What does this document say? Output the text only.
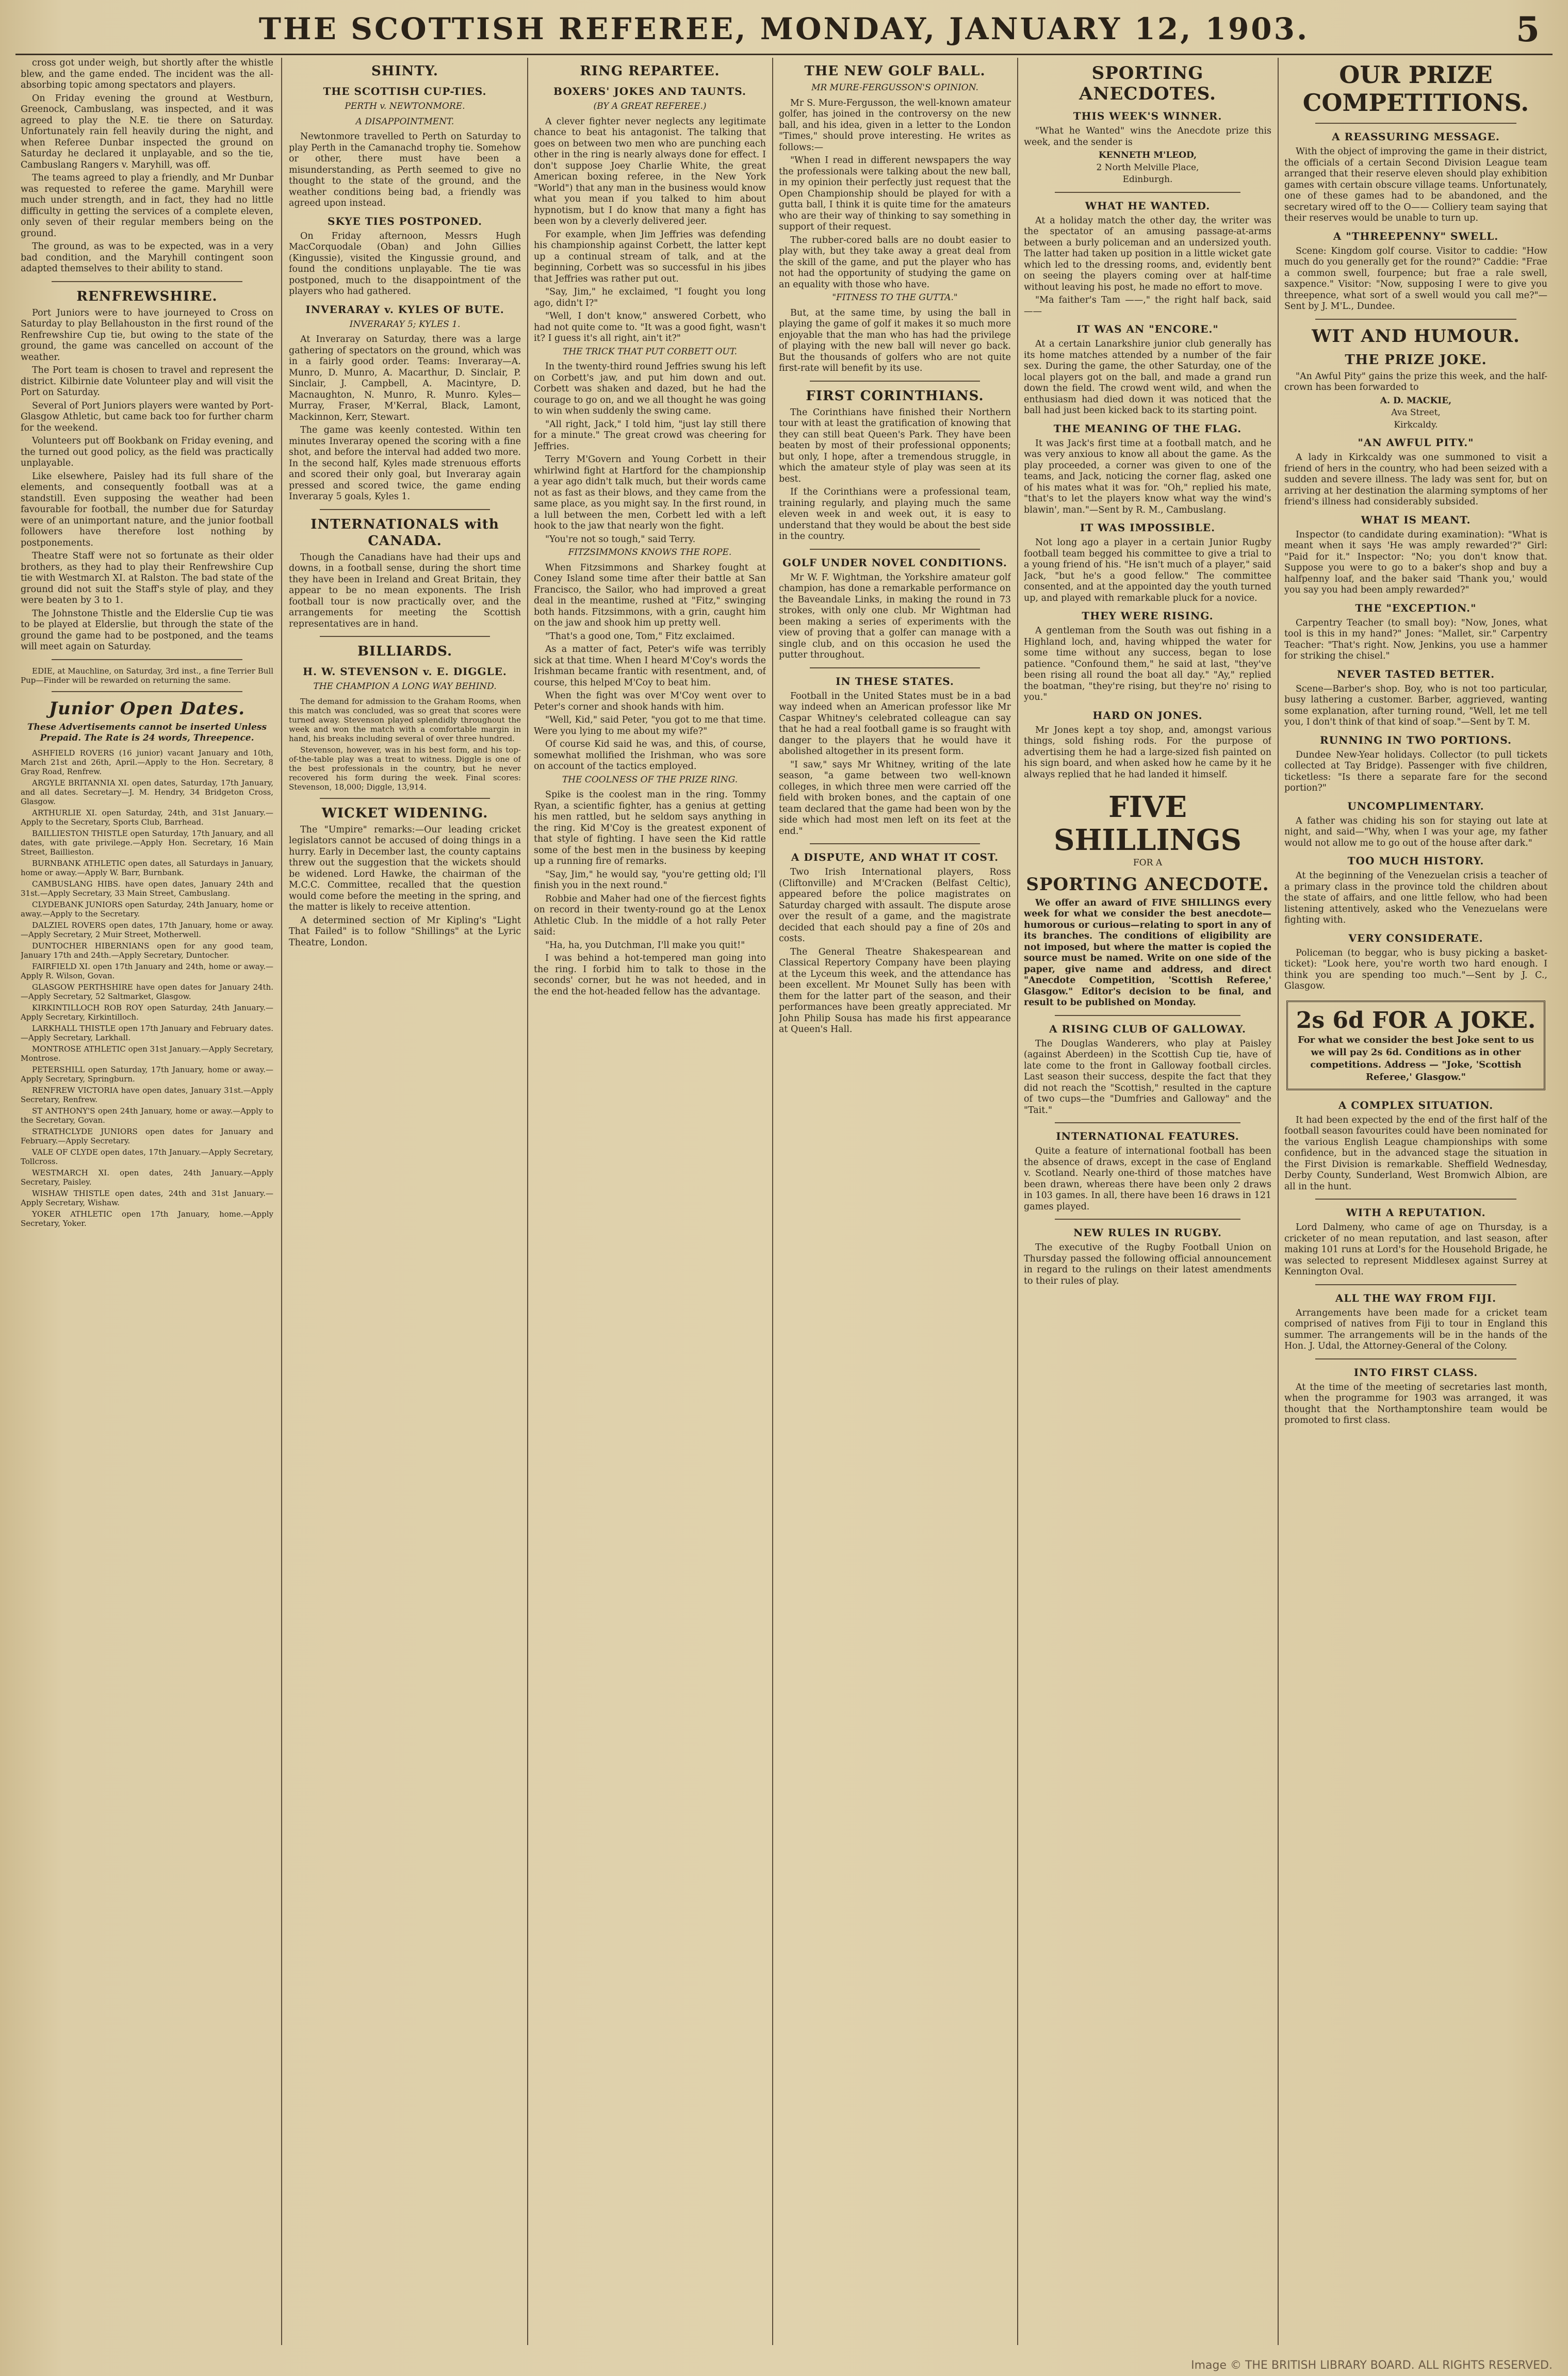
THE SCOTTISH REFEREE, MONDAY, JANUARY 12, 1903.	5

cross got under weigh, but shortly after the whistle blew, and the game ended. The incident was the all-absorbing topic among spectators and players.

On Friday evening the ground at Westburn, Greenock, Cambuslang, was inspected, and it was agreed to play the N.E. tie there on Saturday. Unfortunately rain fell heavily during the night, and when Referee Dunbar inspected the ground on Saturday he declared it unplayable, and so the tie, Cambuslang Rangers v. Maryhill, was off.

The teams agreed to play a friendly, and Mr Dunbar was requested to referee the game. Maryhill were much under strength, and in fact, they had no little difficulty in getting the services of a complete eleven, only seven of their regular members being on the ground.

The ground, as was to be expected, was in a very bad condition, and the Maryhill contingent soon adapted themselves to their ability to stand.

RENFREWSHIRE.

Port Juniors were to have journeyed to Cross on Saturday to play Bellahouston in the first round of the Renfrewshire Cup tie, but owing to the state of the ground, the game was cancelled on account of the weather.

The Port team is chosen to travel and represent the district. Kilbirnie date Volunteer play and will visit the Port on Saturday.

Several of Port Juniors players were wanted by Port-Glasgow Athletic, but came back too for further charm for the weekend.

Volunteers put off Bookbank on Friday evening, and the turned out good policy, as the field was practically unplayable.

Like elsewhere, Paisley had its full share of the elements, and consequently football was at a standstill. Even supposing the weather had been favourable for football, the number due for Saturday were of an unimportant nature, and the junior football followers have therefore lost nothing by postponements.

Theatre Staff were not so fortunate as their older brothers, as they had to play their Renfrewshire Cup tie with Westmarch XI. at Ralston. The bad state of the ground did not suit the Staff's style of play, and they were beaten by 3 to 1.

The Johnstone Thistle and the Elderslie Cup tie was to be played at Elderslie, but through the state of the ground the game had to be postponed, and the teams will meet again on Saturday.

EDIE, at Mauchline, on Saturday, 3rd inst., a fine Terrier Bull Pup—Finder will be rewarded on returning the same.

Junior Open Dates.
These Advertisements cannot be inserted Unless Prepaid. The Rate is 24 words, Threepence.

ASHFIELD ROVERS (16 junior) vacant January and 10th, March 21st and 26th, April.—Apply to the Hon. Secretary, 8 Gray Road, Renfrew.

ARGYLE BRITANNIA XI. open dates, Saturday, 17th January, and all dates. Secretary—J. M. Hendry, 34 Bridgeton Cross, Glasgow.

ARTHURLIE XI. open Saturday, 24th, and 31st January.—Apply to the Secretary, Sports Club, Barrhead.

BAILLIESTON THISTLE open Saturday, 17th January, and all dates, with gate privilege.—Apply Hon. Secretary, 16 Main Street, Baillieston.

BURNBANK ATHLETIC open dates, all Saturdays in January, home or away.—Apply W. Barr, Burnbank.

CAMBUSLANG HIBS. have open dates, January 24th and 31st.—Apply Secretary, 33 Main Street, Cambuslang.

CLYDEBANK JUNIORS open Saturday, 24th January, home or away.—Apply to the Secretary.

DALZIEL ROVERS open dates, 17th January, home or away.—Apply Secretary, 2 Muir Street, Motherwell.

DUNTOCHER HIBERNIANS open for any good team, January 17th and 24th.—Apply Secretary, Duntocher.

FAIRFIELD XI. open 17th January and 24th, home or away.—Apply R. Wilson, Govan.

GLASGOW PERTHSHIRE have open dates for January 24th.—Apply Secretary, 52 Saltmarket, Glasgow.

KIRKINTILLOCH ROB ROY open Saturday, 24th January.—Apply Secretary, Kirkintilloch.

LARKHALL THISTLE open 17th January and February dates.—Apply Secretary, Larkhall.

MONTROSE ATHLETIC open 31st January.—Apply Secretary, Montrose.

PETERSHILL open Saturday, 17th January, home or away.—Apply Secretary, Springburn.

RENFREW VICTORIA have open dates, January 31st.—Apply Secretary, Renfrew.

ST ANTHONY'S open 24th January, home or away.—Apply to the Secretary, Govan.

STRATHCLYDE JUNIORS open dates for January and February.—Apply Secretary.

VALE OF CLYDE open dates, 17th January.—Apply Secretary, Tollcross.

WESTMARCH XI. open dates, 24th January.—Apply Secretary, Paisley.

WISHAW THISTLE open dates, 24th and 31st January.—Apply Secretary, Wishaw.

YOKER ATHLETIC open 17th January, home.—Apply Secretary, Yoker.

SHINTY.
THE SCOTTISH CUP-TIES.
PERTH v. NEWTONMORE.
A DISAPPOINTMENT.

Newtonmore travelled to Perth on Saturday to play Perth in the Camanachd trophy tie. Somehow or other, there must have been a misunderstanding, as Perth seemed to give no thought to the state of the ground, and the weather conditions being bad, a friendly was agreed upon instead.

SKYE TIES POSTPONED.

On Friday afternoon, Messrs Hugh MacCorquodale (Oban) and John Gillies (Kingussie), visited the Kingussie ground, and found the conditions unplayable. The tie was postponed, much to the disappointment of the players who had gathered.

INVERARAY v. KYLES OF BUTE.
INVERARAY 5; KYLES 1.

At Inveraray on Saturday, there was a large gathering of spectators on the ground, which was in a fairly good order. Teams: Inveraray—A. Munro, D. Munro, A. Macarthur, D. Sinclair, P. Sinclair, J. Campbell, A. Macintyre, D. Macnaughton, N. Munro, R. Munro. Kyles—Murray, Fraser, M'Kerral, Black, Lamont, Mackinnon, Kerr, Stewart.

The game was keenly contested. Within ten minutes Inveraray opened the scoring with a fine shot, and before the interval had added two more. In the second half, Kyles made strenuous efforts and scored their only goal, but Inveraray again pressed and scored twice, the game ending Inveraray 5 goals, Kyles 1.

INTERNATIONALS with CANADA.

Though the Canadians have had their ups and downs, in a football sense, during the short time they have been in Ireland and Great Britain, they appear to be no mean exponents. The Irish football tour is now practically over, and the arrangements for meeting the Scottish representatives are in hand.

BILLIARDS.
H. W. STEVENSON v. E. DIGGLE.
THE CHAMPION A LONG WAY BEHIND.

The demand for admission to the Graham Rooms, when this match was concluded, was so great that scores were turned away. Stevenson played splendidly throughout the week and won the match with a comfortable margin in hand, his breaks including several of over three hundred.

Stevenson, however, was in his best form, and his top-of-the-table play was a treat to witness. Diggle is one of the best professionals in the country, but he never recovered his form during the week. Final scores: Stevenson, 18,000; Diggle, 13,914.

WICKET WIDENING.

The "Umpire" remarks:—Our leading cricket legislators cannot be accused of doing things in a hurry. Early in December last, the county captains threw out the suggestion that the wickets should be widened. Lord Hawke, the chairman of the M.C.C. Committee, recalled that the question would come before the meeting in the spring, and the matter is likely to receive attention.

A determined section of Mr Kipling's "Light That Failed" is to follow "Shillings" at the Lyric Theatre, London.

RING REPARTEE.
BOXERS' JOKES AND TAUNTS.
(BY A GREAT REFEREE.)

A clever fighter never neglects any legitimate chance to beat his antagonist. The talking that goes on between two men who are punching each other in the ring is nearly always done for effect. I don't suppose Joey Charlie White, the great American boxing referee, in the New York "World") that any man in the business would know what you mean if you talked to him about hypnotism, but I do know that many a fight has been won by a cleverly delivered jeer.

For example, when Jim Jeffries was defending his championship against Corbett, the latter kept up a continual stream of talk, and at the beginning, Corbett was so successful in his jibes that Jeffries was rather put out.

"Say, Jim," he exclaimed, "I fought you long ago, didn't I?"

"Well, I don't know," answered Corbett, who had not quite come to. "It was a good fight, wasn't it? I guess it's all right, ain't it?"

THE TRICK THAT PUT CORBETT OUT.

In the twenty-third round Jeffries swung his left on Corbett's jaw, and put him down and out. Corbett was shaken and dazed, but he had the courage to go on, and we all thought he was going to win when suddenly the swing came.

"All right, Jack," I told him, "just lay still there for a minute." The great crowd was cheering for Jeffries.

Terry M'Govern and Young Corbett in their whirlwind fight at Hartford for the championship a year ago didn't talk much, but their words came not as fast as their blows, and they came from the same place, as you might say. In the first round, in a lull between the men, Corbett led with a left hook to the jaw that nearly won the fight.

"You're not so tough," said Terry.

FITZSIMMONS KNOWS THE ROPE.

When Fitzsimmons and Sharkey fought at Coney Island some time after their battle at San Francisco, the Sailor, who had improved a great deal in the meantime, rushed at "Fitz," swinging both hands. Fitzsimmons, with a grin, caught him on the jaw and shook him up pretty well.

"That's a good one, Tom," Fitz exclaimed.

As a matter of fact, Peter's wife was terribly sick at that time. When I heard M'Coy's words the Irishman became frantic with resentment, and, of course, this helped M'Coy to beat him.

When the fight was over M'Coy went over to Peter's corner and shook hands with him.

"Well, Kid," said Peter, "you got to me that time. Were you lying to me about my wife?"

Of course Kid said he was, and this, of course, somewhat mollified the Irishman, who was sore on account of the tactics employed.

THE COOLNESS OF THE PRIZE RING.

Spike is the coolest man in the ring. Tommy Ryan, a scientific fighter, has a genius at getting his men rattled, but he seldom says anything in the ring. Kid M'Coy is the greatest exponent of that style of fighting. I have seen the Kid rattle some of the best men in the business by keeping up a running fire of remarks.

"Say, Jim," he would say, "you're getting old; I'll finish you in the next round."

Robbie and Maher had one of the fiercest fights on record in their twenty-round go at the Lenox Athletic Club. In the middle of a hot rally Peter said:

"Ha, ha, you Dutchman, I'll make you quit!"

I was behind a hot-tempered man going into the ring. I forbid him to talk to those in the seconds' corner, but he was not heeded, and in the end the hot-headed fellow has the advantage.

THE NEW GOLF BALL.
MR MURE-FERGUSSON'S OPINION.

Mr S. Mure-Fergusson, the well-known amateur golfer, has joined in the controversy on the new ball, and his idea, given in a letter to the London "Times," should prove interesting. He writes as follows:—

"When I read in different newspapers the way the professionals were talking about the new ball, in my opinion their perfectly just request that the Open Championship should be played for with a gutta ball, I think it is quite time for the amateurs who are their way of thinking to say something in support of their request.

The rubber-cored balls are no doubt easier to play with, but they take away a great deal from the skill of the game, and put the player who has not had the opportunity of studying the game on an equality with those who have.

"FITNESS TO THE GUTTA."

But, at the same time, by using the ball in playing the game of golf it makes it so much more enjoyable that the man who has had the privilege of playing with the new ball will never go back. But the thousands of golfers who are not quite first-rate will benefit by its use.

FIRST CORINTHIANS.

The Corinthians have finished their Northern tour with at least the gratification of knowing that they can still beat Queen's Park. They have been beaten by most of their professional opponents; but only, I hope, after a tremendous struggle, in which the amateur style of play was seen at its best.

If the Corinthians were a professional team, training regularly, and playing much the same eleven week in and week out, it is easy to understand that they would be about the best side in the country.

GOLF UNDER NOVEL CONDITIONS.

Mr W. F. Wightman, the Yorkshire amateur golf champion, has done a remarkable performance on the Baveandale Links, in making the round in 73 strokes, with only one club. Mr Wightman had been making a series of experiments with the view of proving that a golfer can manage with a single club, and on this occasion he used the putter throughout.

IN THESE STATES.

Football in the United States must be in a bad way indeed when an American professor like Mr Caspar Whitney's celebrated colleague can say that he had a real football game is so fraught with danger to the players that he would have it abolished altogether in its present form.

"I saw," says Mr Whitney, writing of the late season, "a game between two well-known colleges, in which three men were carried off the field with broken bones, and the captain of one team declared that the game had been won by the side which had most men left on its feet at the end."

A DISPUTE, AND WHAT IT COST.

Two Irish International players, Ross (Cliftonville) and M'Cracken (Belfast Celtic), appeared before the police magistrates on Saturday charged with assault. The dispute arose over the result of a game, and the magistrate decided that each should pay a fine of 20s and costs.

The General Theatre Shakespearean and Classical Repertory Company have been playing at the Lyceum this week, and the attendance has been excellent. Mr Mounet Sully has been with them for the latter part of the season, and their performances have been greatly appreciated. Mr John Philip Sousa has made his first appearance at Queen's Hall.

SPORTING ANECDOTES.
THIS WEEK'S WINNER.

"What he Wanted" wins the Anecdote prize this week, and the sender is

KENNETH M'LEOD,
2 North Melville Place,
Edinburgh.
WHAT HE WANTED.

At a holiday match the other day, the writer was the spectator of an amusing passage-at-arms between a burly policeman and an undersized youth. The latter had taken up position in a little wicket gate which led to the dressing rooms, and, evidently bent on seeing the players coming over at half-time without leaving his post, he made no effort to move.

"Ma faither's Tam ——," the right half back, said ——

IT WAS AN "ENCORE."

At a certain Lanarkshire junior club generally has its home matches attended by a number of the fair sex. During the game, the other Saturday, one of the local players got on the ball, and made a grand run down the field. The crowd went wild, and when the enthusiasm had died down it was noticed that the ball had just been kicked back to its starting point.

THE MEANING OF THE FLAG.

It was Jack's first time at a football match, and he was very anxious to know all about the game. As the play proceeded, a corner was given to one of the teams, and Jack, noticing the corner flag, asked one of his mates what it was for. "Oh," replied his mate, "that's to let the players know what way the wind's blawin', man."—Sent by R. M., Cambuslang.

IT WAS IMPOSSIBLE.

Not long ago a player in a certain Junior Rugby football team begged his committee to give a trial to a young friend of his. "He isn't much of a player," said Jack, "but he's a good fellow." The committee consented, and at the appointed day the youth turned up, and played with remarkable pluck for a novice.

THEY WERE RISING.

A gentleman from the South was out fishing in a Highland loch, and, having whipped the water for some time without any success, began to lose patience. "Confound them," he said at last, "they've been rising all round the boat all day." "Ay," replied the boatman, "they're rising, but they're no' rising to you."

HARD ON JONES.

Mr Jones kept a toy shop, and, amongst various things, sold fishing rods. For the purpose of advertising them he had a large-sized fish painted on his sign board, and when asked how he came by it he always replied that he had landed it himself.

FIVE SHILLINGS
FOR A
SPORTING ANECDOTE.

We offer an award of FIVE SHILLINGS every week for what we consider the best anecdote—humorous or curious—relating to sport in any of its branches. The conditions of eligibility are not imposed, but where the matter is copied the source must be named. Write on one side of the paper, give name and address, and direct "Anecdote Competition, 'Scottish Referee,' Glasgow." Editor's decision to be final, and result to be published on Monday.

A RISING CLUB OF GALLOWAY.

The Douglas Wanderers, who play at Paisley (against Aberdeen) in the Scottish Cup tie, have of late come to the front in Galloway football circles. Last season their success, despite the fact that they did not reach the "Scottish," resulted in the capture of two cups—the "Dumfries and Galloway" and the "Tait."

INTERNATIONAL FEATURES.

Quite a feature of international football has been the absence of draws, except in the case of England v. Scotland. Nearly one-third of those matches have been drawn, whereas there have been only 2 draws in 103 games. In all, there have been 16 draws in 121 games played.

NEW RULES IN RUGBY.

The executive of the Rugby Football Union on Thursday passed the following official announcement in regard to the rulings on their latest amendments to their rules of play.

OUR PRIZE COMPETITIONS.
A REASSURING MESSAGE.

With the object of improving the game in their district, the officials of a certain Second Division League team arranged that their reserve eleven should play exhibition games with certain obscure village teams. Unfortunately, one of these games had to be abandoned, and the secretary wired off to the O—— Colliery team saying that their reserves would be unable to turn up.

A "THREEPENNY" SWELL.

Scene: Kingdom golf course. Visitor to caddie: "How much do you generally get for the round?" Caddie: "Frae a common swell, fourpence; but frae a rale swell, saxpence." Visitor: "Now, supposing I were to give you threepence, what sort of a swell would you call me?"—Sent by J. M'L., Dundee.

WIT AND HUMOUR.
THE PRIZE JOKE.

"An Awful Pity" gains the prize this week, and the half-crown has been forwarded to

A. D. MACKIE,
Ava Street,
Kirkcaldy.
"AN AWFUL PITY."

A lady in Kirkcaldy was one summoned to visit a friend of hers in the country, who had been seized with a sudden and severe illness. The lady was sent for, but on arriving at her destination the alarming symptoms of her friend's illness had considerably subsided.

WHAT IS MEANT.

Inspector (to candidate during examination): "What is meant when it says 'He was amply rewarded'?" Girl: "Paid for it." Inspector: "No; you don't know that. Suppose you were to go to a baker's shop and buy a halfpenny loaf, and the baker said 'Thank you,' would you say you had been amply rewarded?"

THE "EXCEPTION."

Carpentry Teacher (to small boy): "Now, Jones, what tool is this in my hand?" Jones: "Mallet, sir." Carpentry Teacher: "That's right. Now, Jenkins, you use a hammer for striking the chisel."

NEVER TASTED BETTER.

Scene—Barber's shop. Boy, who is not too particular, busy lathering a customer. Barber, aggrieved, wanting some explanation, after turning round, "Well, let me tell you, I don't think of that kind of soap."—Sent by T. M.

RUNNING IN TWO PORTIONS.

Dundee New-Year holidays. Collector (to pull tickets collected at Tay Bridge). Passenger with five children, ticketless: "Is there a separate fare for the second portion?"

UNCOMPLIMENTARY.

A father was chiding his son for staying out late at night, and said—"Why, when I was your age, my father would not allow me to go out of the house after dark."

TOO MUCH HISTORY.

At the beginning of the Venezuelan crisis a teacher of a primary class in the province told the children about the state of affairs, and one little fellow, who had been listening attentively, asked who the Venezuelans were fighting with.

VERY CONSIDERATE.

Policeman (to beggar, who is busy picking a basket-ticket): "Look here, you're worth two hard enough. I think you are spending too much."—Sent by J. C., Glasgow.

2s 6d FOR A JOKE.
For what we consider the best Joke sent to us we will pay 2s 6d. Conditions as in other competitions. Address — "Joke, 'Scottish Referee,' Glasgow."
A COMPLEX SITUATION.

It had been expected by the end of the first half of the football season favourites could have been nominated for the various English League championships with some confidence, but in the advanced stage the situation in the First Division is remarkable. Sheffield Wednesday, Derby County, Sunderland, West Bromwich Albion, are all in the hunt.

WITH A REPUTATION.

Lord Dalmeny, who came of age on Thursday, is a cricketer of no mean reputation, and last season, after making 101 runs at Lord's for the Household Brigade, he was selected to represent Middlesex against Surrey at Kennington Oval.

ALL THE WAY FROM FIJI.

Arrangements have been made for a cricket team comprised of natives from Fiji to tour in England this summer. The arrangements will be in the hands of the Hon. J. Udal, the Attorney-General of the Colony.

INTO FIRST CLASS.

At the time of the meeting of secretaries last month, when the programme for 1903 was arranged, it was thought that the Northamptonshire team would be promoted to first class.

Image © THE BRITISH LIBRARY BOARD. ALL RIGHTS RESERVED.
